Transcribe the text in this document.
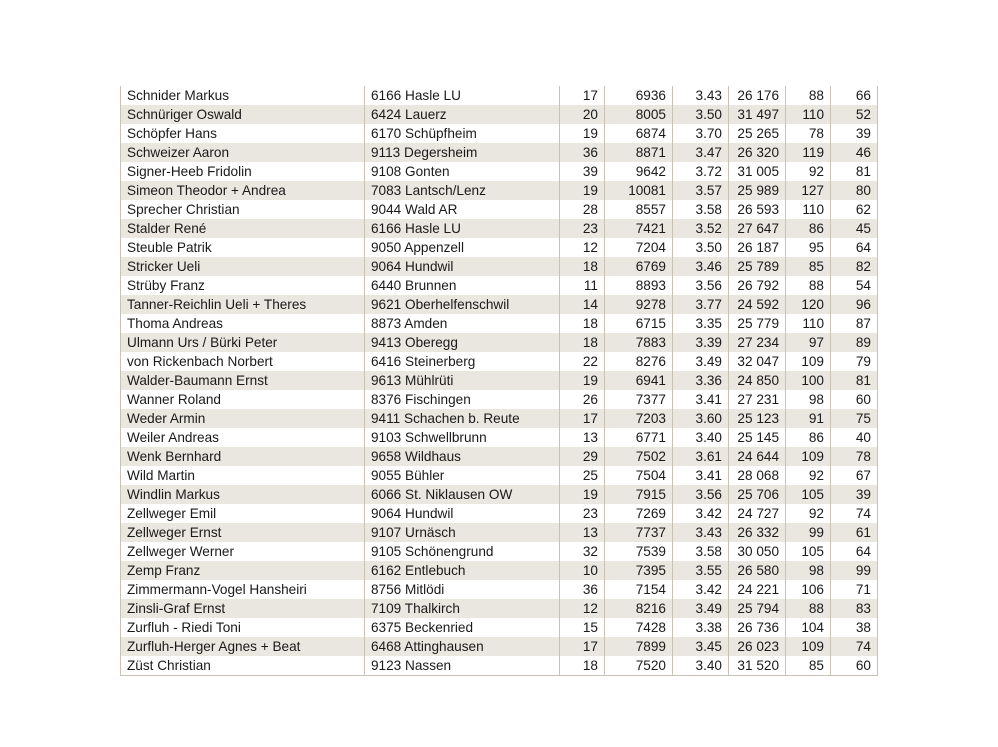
Schnider Markus	6166 Hasle LU	17	6936	3.43	26 176	88	66
Schnüriger Oswald	6424 Lauerz	20	8005	3.50	31 497	110	52
Schöpfer Hans	6170 Schüpfheim	19	6874	3.70	25 265	78	39
Schweizer Aaron	9113 Degersheim	36	8871	3.47	26 320	119	46
Signer-Heeb Fridolin	9108 Gonten	39	9642	3.72	31 005	92	81
Simeon Theodor + Andrea	7083 Lantsch/Lenz	19	10081	3.57	25 989	127	80
Sprecher Christian	9044 Wald AR	28	8557	3.58	26 593	110	62
Stalder René	6166 Hasle LU	23	7421	3.52	27 647	86	45
Steuble Patrik	9050 Appenzell	12	7204	3.50	26 187	95	64
Stricker Ueli	9064 Hundwil	18	6769	3.46	25 789	85	82
Strüby Franz	6440 Brunnen	11	8893	3.56	26 792	88	54
Tanner-Reichlin Ueli + Theres	9621 Oberhelfenschwil	14	9278	3.77	24 592	120	96
Thoma Andreas	8873 Amden	18	6715	3.35	25 779	110	87
Ulmann Urs / Bürki Peter	9413 Oberegg	18	7883	3.39	27 234	97	89
von Rickenbach Norbert	6416 Steinerberg	22	8276	3.49	32 047	109	79
Walder-Baumann Ernst	9613 Mühlrüti	19	6941	3.36	24 850	100	81
Wanner Roland	8376 Fischingen	26	7377	3.41	27 231	98	60
Weder Armin	9411 Schachen b. Reute	17	7203	3.60	25 123	91	75
Weiler Andreas	9103 Schwellbrunn	13	6771	3.40	25 145	86	40
Wenk Bernhard	9658 Wildhaus	29	7502	3.61	24 644	109	78
Wild Martin	9055 Bühler	25	7504	3.41	28 068	92	67
Windlin Markus	6066 St. Niklausen OW	19	7915	3.56	25 706	105	39
Zellweger Emil	9064 Hundwil	23	7269	3.42	24 727	92	74
Zellweger Ernst	9107 Urnäsch	13	7737	3.43	26 332	99	61
Zellweger Werner	9105 Schönengrund	32	7539	3.58	30 050	105	64
Zemp Franz	6162 Entlebuch	10	7395	3.55	26 580	98	99
Zimmermann-Vogel Hansheiri	8756 Mitlödi	36	7154	3.42	24 221	106	71
Zinsli-Graf Ernst	7109 Thalkirch	12	8216	3.49	25 794	88	83
Zurfluh - Riedi Toni	6375 Beckenried	15	7428	3.38	26 736	104	38
Zurfluh-Herger Agnes + Beat	6468 Attinghausen	17	7899	3.45	26 023	109	74
Züst Christian	9123 Nassen	18	7520	3.40	31 520	85	60
